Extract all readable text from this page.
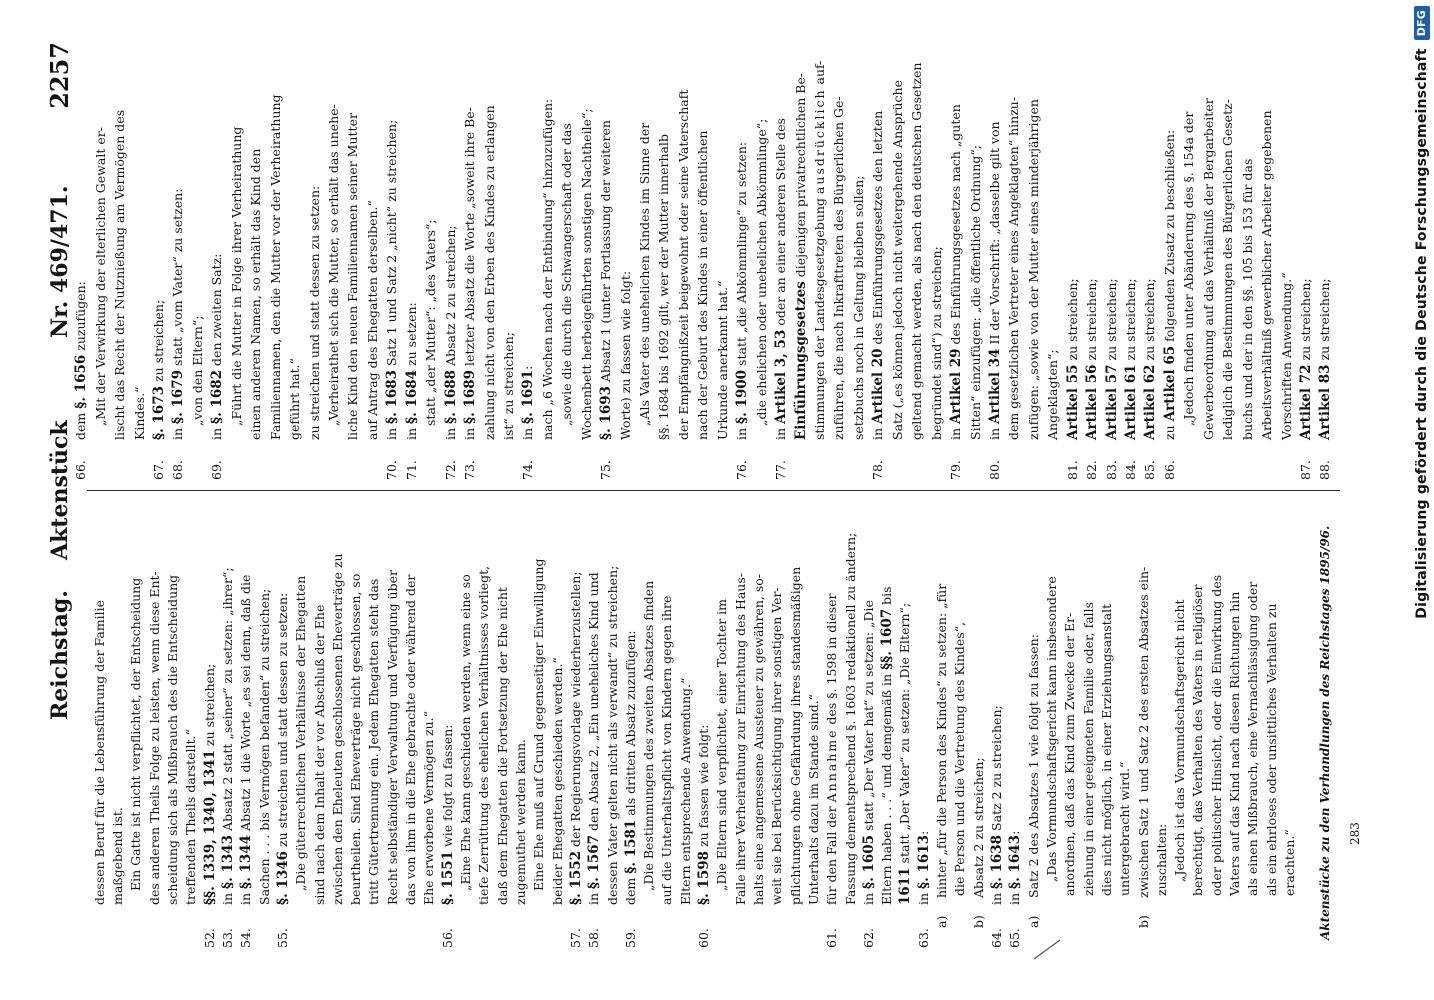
Reichstag.
Aktenstück
Nr. 469/471.
2257
dessen Beruf für die Lebensführung der Familie maßgebend ist. Ein Gatte ist nicht verpflichtet, der Entscheidung des anderen Theils Folge zu leisten, wenn diese Ent- scheidung sich als Mißbrauch des die Entscheidung treffenden Theils darstellt.“
52.
§§. 1339, 1340, 1341 zu streichen;
53.
in §. 1343 Absatz 2 statt „seiner“ zu setzen: „ihrer“;
54.
in §. 1344 Absatz 1 die Worte „es sei denn, daß die Sachen . . . bis Vermögen befanden“ zu streichen;
55.
§. 1346 zu streichen und statt dessen zu setzen: „Die güterrechtlichen Verhältnisse der Ehegatten sind nach dem Inhalt der vor Abschluß der Ehe zwischen den Eheleuten geschlossenen Eheverträge zu beurtheilen. Sind Eheverträge nicht geschlossen, so tritt Gütertrennung ein. Jedem Ehegatten steht das Recht selbständiger Verwaltung und Verfügung über das von ihm in die Ehe gebrachte oder während der Ehe erworbene Vermögen zu.“
56.
§. 1551 wie folgt zu fassen: „Eine Ehe kann geschieden werden, wenn eine so tiefe Zerrüttung des ehelichen Verhältnisses vorliegt, daß dem Ehegatten die Fortsetzung der Ehe nicht zugemuthet werden kann. Eine Ehe muß auf Grund gegenseitiger Einwilligung beider Ehegatten geschieden werden.“
57.
§. 1552 der Regierungsvorlage wiederherzustellen;
58.
in §. 1567 den Absatz 2, „Ein uneheliches Kind und dessen Vater gelten nicht als verwandt“ zu streichen;
59.
dem §. 1581 als dritten Absatz zuzufügen: „Die Bestimmungen des zweiten Absatzes finden auf die Unterhaltspflicht von Kindern gegen ihre Eltern entsprechende Anwendung.“
60.
§. 1598 zu fassen wie folgt: „Die Eltern sind verpflichtet, einer Tochter im Falle ihrer Verheirathung zur Einrichtung des Haus- halts eine angemessene Aussteuer zu gewähren, so- weit sie bei Berücksichtigung ihrer sonstigen Ver- pflichtungen ohne Gefährdung ihres standesmäßigen Unterhalts dazu im Stande sind.“
61.
für den Fall der Annahme des §. 1598 in dieser Fassung dementsprechend §. 1603 redaktionell zu ändern;
62.
in §. 1605 statt „Der Vater hat“ zu setzen: „Die Eltern haben . . .“ und demgemäß in §§. 1607 bis
1611 statt „Der Vater“ zu setzen: „Die Eltern“;
63.
in §. 1613:
a)
hinter „für die Person des Kindes“ zu setzen: „für die Person und die Vertretung des Kindes“,
b)
Absatz 2 zu streichen;
64.
in §. 1638 Satz 2 zu streichen;
65.
in §. 1643:
a)
Satz 2 des Absatzes 1 wie folgt zu fassen: „Das Vormundschaftsgericht kann insbesondere anordnen, daß das Kind zum Zwecke der Er- ziehung in einer geeigneten Familie oder, falls dies nicht möglich, in einer Erziehungsanstalt untergebracht wird.“
b)
zwischen Satz 1 und Satz 2 des ersten Absatzes ein- zuschalten: „Jedoch ist das Vormundschaftsgericht nicht berechtigt, das Verhalten des Vaters in religiöser oder politischer Hinsicht, oder die Einwirkung des Vaters auf das Kind nach diesen Richtungen hin als einen Mißbrauch, eine Vernachlässigung oder als ein ehrloses oder unsittliches Verhalten zu erachten.“
66.
dem §. 1656 zuzufügen: „Mit der Verwirkung der elterlichen Gewalt er- lischt das Recht der Nutznießung am Vermögen des Kindes.“
67.
§. 1673 zu streichen;
68.
in §. 1679 statt „vom Vater“ zu setzen:
„von den Eltern“;
69.
in §. 1682 den zweiten Satz: „Führt die Mutter in Folge ihrer Verheirathung einen anderen Namen, so erhält das Kind den Familiennamen, den die Mutter vor der Verheirathung geführt hat.“ zu streichen und statt dessen zu setzen: „Verheirathet sich die Mutter, so erhält das unehe- liche Kind den neuen Familiennamen seiner Mutter auf Antrag des Ehegatten derselben.“
70.
in §. 1683 Satz 1 und Satz 2 „nicht“ zu streichen;
71.
in §. 1684 zu setzen: statt „der Mutter“: „des Vaters“;
72.
in §. 1688 Absatz 2 zu streichen;
73.
in §. 1689 letzter Absatz die Worte „soweit ihre Be- zahlung nicht von den Erben des Kindes zu erlangen ist“ zu streichen;
74.
in §. 1691: nach „6 Wochen nach der Entbindung“ hinzuzufügen: „sowie die durch die Schwangerschaft oder das Wochenbett herbeigeführten sonstigen Nachtheile“;
75.
§. 1693 Absatz 1 (unter Fortlassung der weiteren Worte) zu fassen wie folgt: „Als Vater des unehelichen Kindes im Sinne der §§. 1684 bis 1692 gilt, wer der Mutter innerhalb der Empfängnißzeit beigewohnt oder seine Vaterschaft nach der Geburt des Kindes in einer öffentlichen Urkunde anerkannt hat.“
76.
in §. 1900 statt „die Abkömmlinge“ zu setzen: „die ehelichen oder unehelichen Abkömmlinge“;
77.
in Artikel 3, 53 oder an einer anderen Stelle des
Einführungsgesetzes diejenigen privatrechtlichen Be-
stimmungen der Landesgesetzgebung ausdrücklich auf-
zuführen, die nach Inkrafttreten des Bürgerlichen Ge- setzbuchs noch in Geltung bleiben sollen;
78.
in Artikel 20 des Einführungsgesetzes den letzten Satz („es können jedoch nicht weitergehende Ansprüche geltend gemacht werden, als nach den deutschen Gesetzen begründet sind“) zu streichen;
79.
in Artikel 29 des Einführungsgesetzes nach „guten Sitten“ einzufügen: „die öffentliche Ordnung“;
80.
in Artikel 34 II der Vorschrift: „dasselbe gilt von dem gesetzlichen Vertreter eines Angeklagten“ hinzu- zufügen: „sowie von der Mutter eines minderjährigen Angeklagten“;
81.
Artikel 55 zu streichen;
82.
Artikel 56 zu streichen;
83.
Artikel 57 zu streichen;
84.
Artikel 61 zu streichen;
85.
Artikel 62 zu streichen;
86.
zu Artikel 65 folgenden Zusatz zu beschließen: „Jedoch finden unter Abänderung des §. 154a der Gewerbeordnung auf das Verhältniß der Bergarbeiter lediglich die Bestimmungen des Bürgerlichen Gesetz- buchs und der in den §§. 105 bis 153 für das Arbeitsverhältniß gewerblicher Arbeiter gegebenen Vorschriften Anwendung.“
87.
Artikel 72 zu streichen;
88.
Artikel 83 zu streichen;
Aktenstücke zu den Verhandlungen des Reichstages 1895/96. 283
Digitalisierung gefördert durch die Deutsche Forschungsgemeinschaft
DFG
